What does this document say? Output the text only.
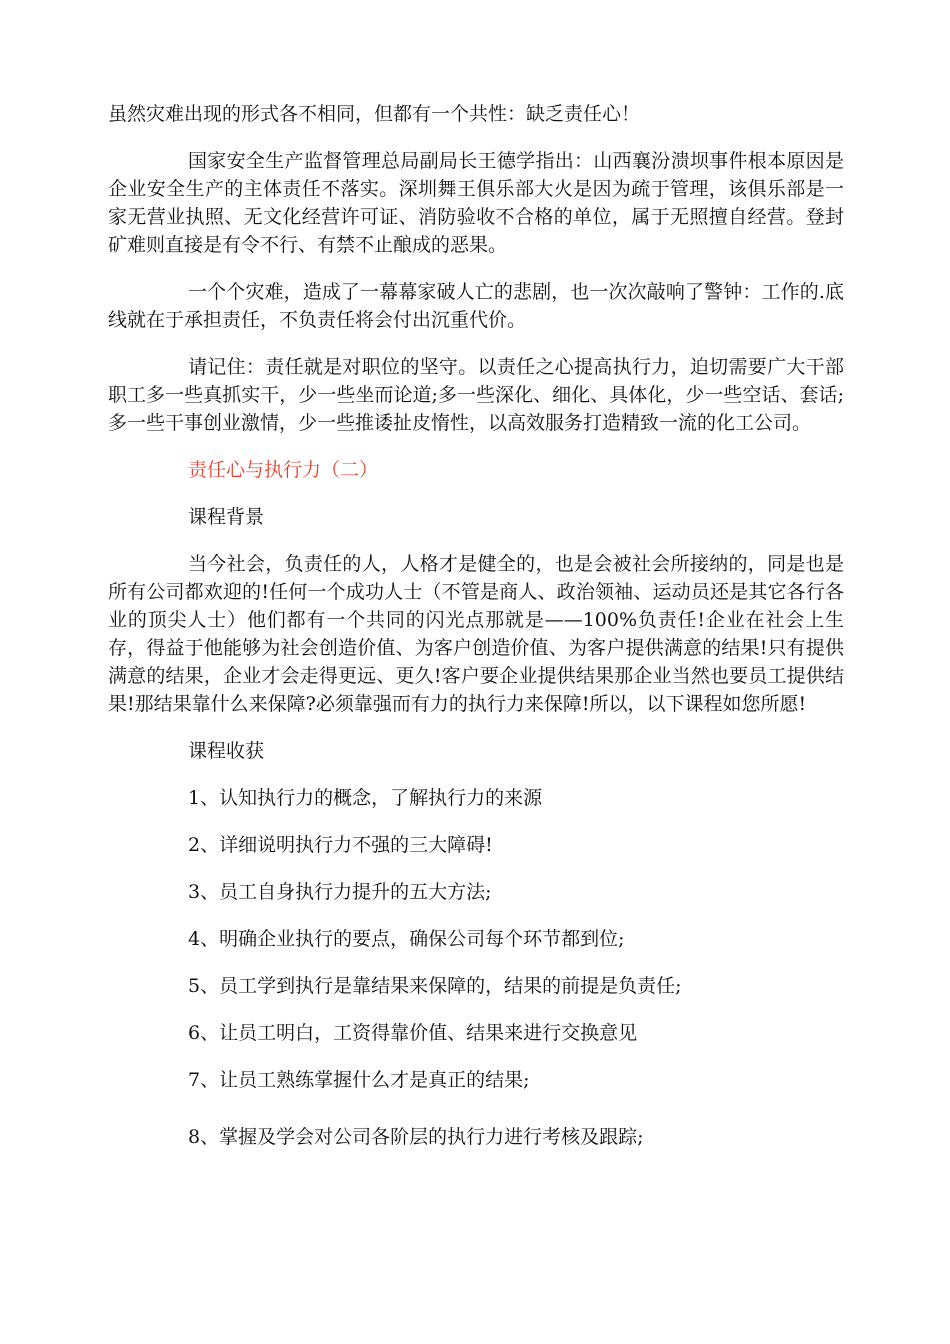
虽然灾难出现的形式各不相同，但都有一个共性：缺乏责任心！

国家安全生产监督管理总局副局长王德学指出：山西襄汾溃坝事件根本原因是企业安全生产的主体责任不落实。深圳舞王俱乐部大火是因为疏于管理，该俱乐部是一家无营业执照、无文化经营许可证、消防验收不合格的单位，属于无照擅自经营。登封矿难则直接是有令不行、有禁不止酿成的恶果。

一个个灾难，造成了一幕幕家破人亡的悲剧，也一次次敲响了警钟：工作的.底线就在于承担责任，不负责任将会付出沉重代价。

请记住：责任就是对职位的坚守。以责任之心提高执行力，迫切需要广大干部职工多一些真抓实干，少一些坐而论道;多一些深化、细化、具体化，少一些空话、套话;多一些干事创业激情，少一些推诿扯皮惰性，以高效服务打造精致一流的化工公司。

责任心与执行力（二）

课程背景

当今社会，负责任的人，人格才是健全的，也是会被社会所接纳的，同是也是所有公司都欢迎的!任何一个成功人士（不管是商人、政治领袖、运动员还是其它各行各业的顶尖人士）他们都有一个共同的闪光点那就是——100%负责任!企业在社会上生存，得益于他能够为社会创造价值、为客户创造价值、为客户提供满意的结果!只有提供满意的结果，企业才会走得更远、更久!客户要企业提供结果那企业当然也要员工提供结果!那结果靠什么来保障?必须靠强而有力的执行力来保障!所以，以下课程如您所愿!

课程收获

1、认知执行力的概念，了解执行力的来源

2、详细说明执行力不强的三大障碍!

3、员工自身执行力提升的五大方法;

4、明确企业执行的要点，确保公司每个环节都到位;

5、员工学到执行是靠结果来保障的，结果的前提是负责任;

6、让员工明白，工资得靠价值、结果来进行交换意见

7、让员工熟练掌握什么才是真正的结果;

8、掌握及学会对公司各阶层的执行力进行考核及跟踪;
